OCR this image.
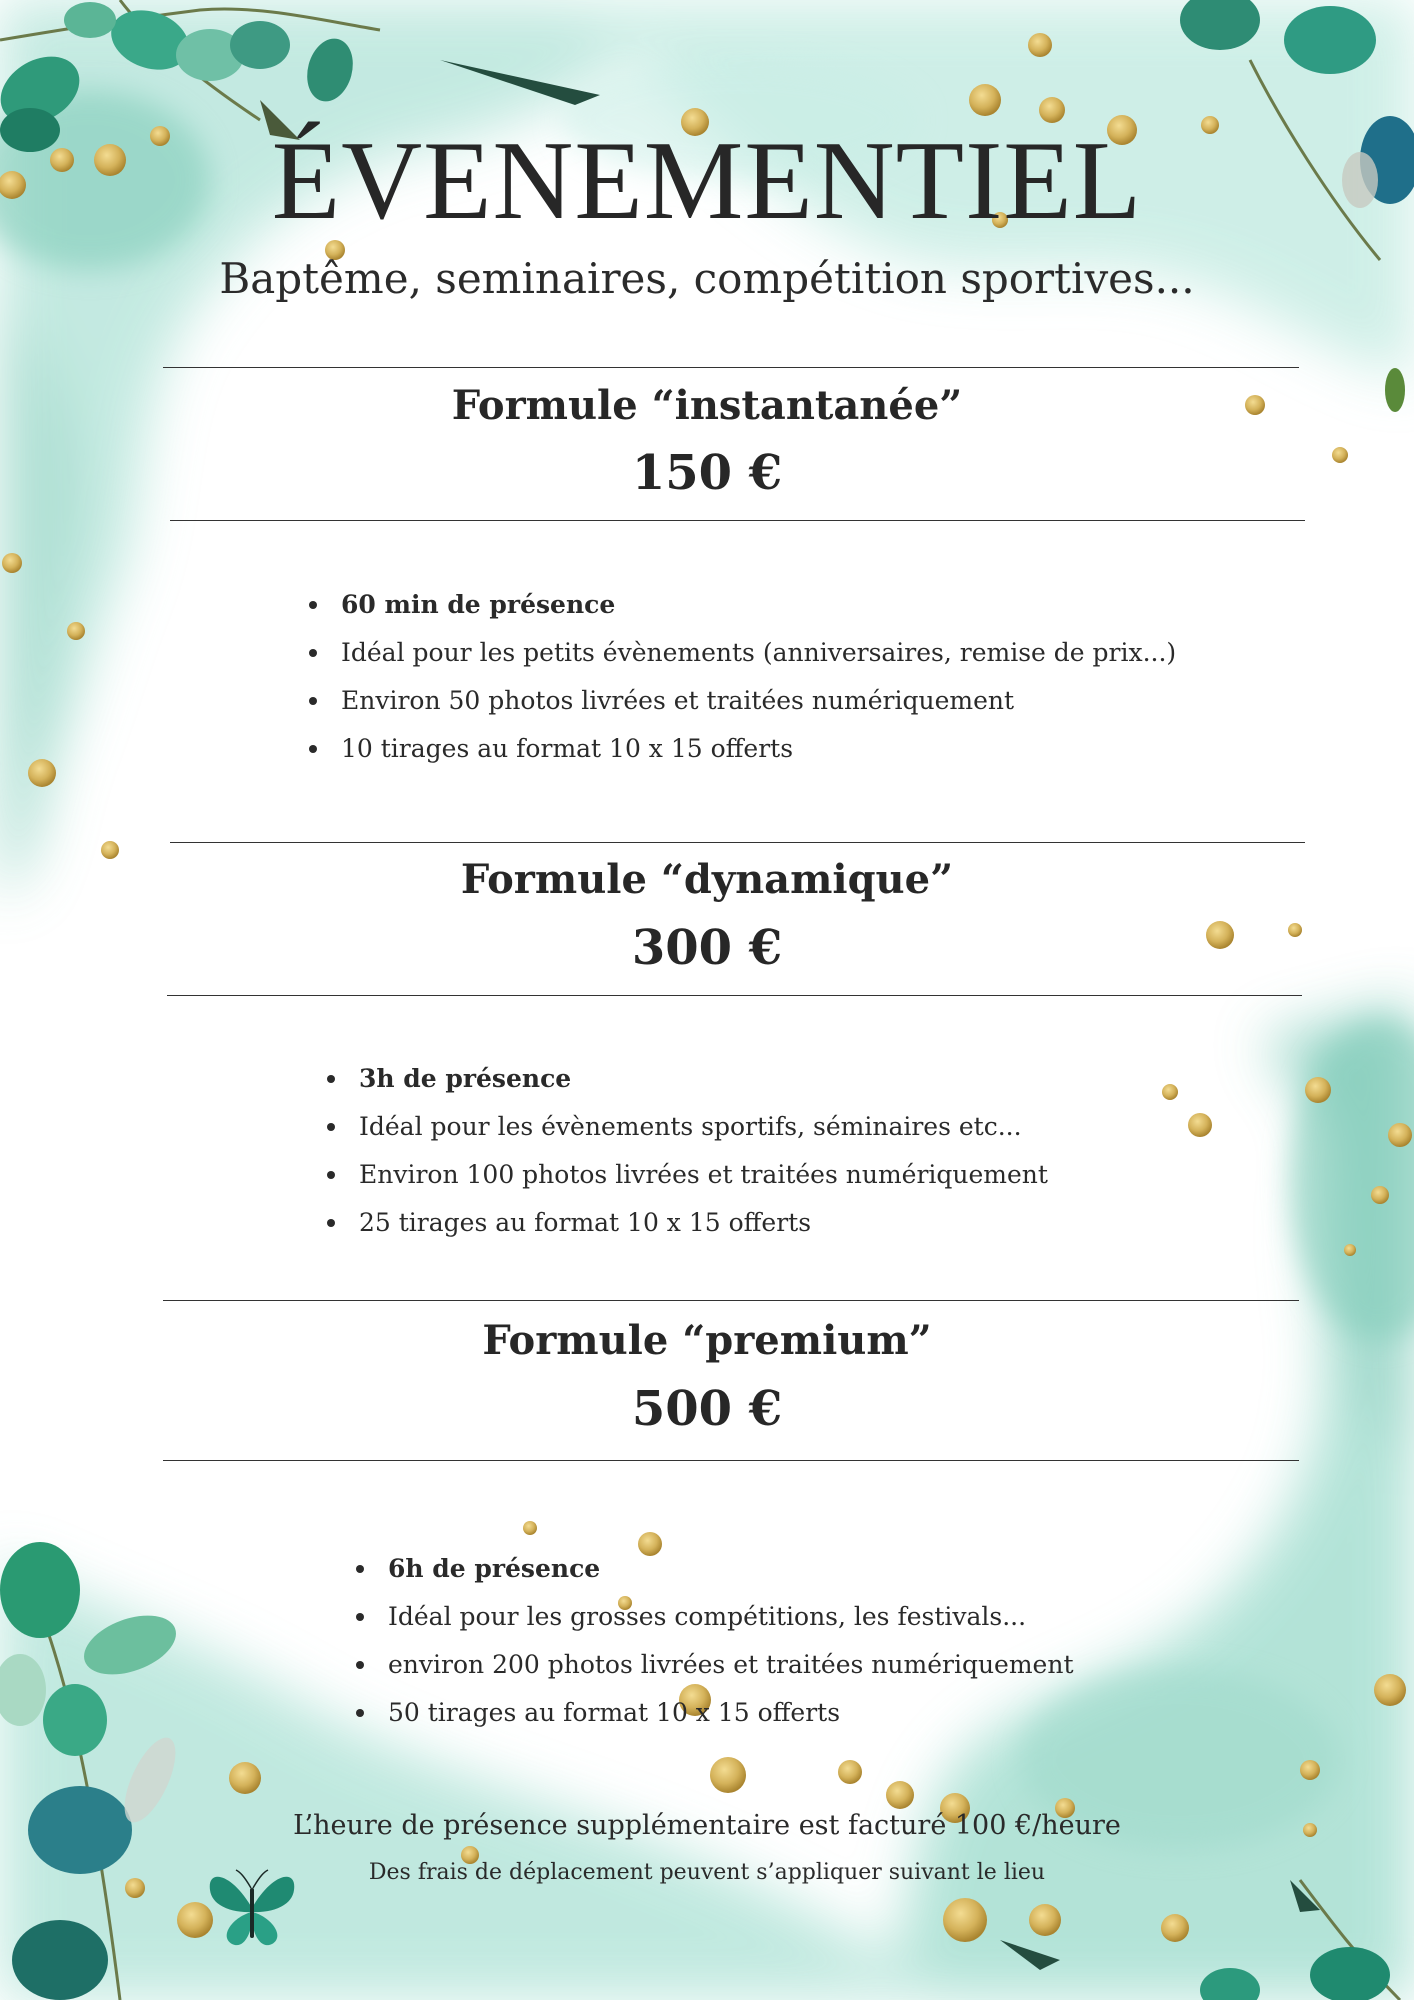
ÉVENEMENTIEL

Baptême, seminaires, compétition sportives...

Formule “instantanée”
150 €
60 min de présence
Idéal pour les petits évènements (anniversaires, remise de prix...)
Environ 50 photos livrées et traitées numériquement
10 tirages au format 10 x 15 offerts
Formule “dynamique”
300 €
3h de présence
Idéal pour les évènements sportifs, séminaires etc...
Environ 100 photos livrées et traitées numériquement
25 tirages au format 10 x 15 offerts
Formule “premium”
500 €
6h de présence
Idéal pour les grosses compétitions, les festivals...
environ 200 photos livrées et traitées numériquement
50 tirages au format 10 x 15 offerts

L’heure de présence supplémentaire est facturé 100 €/heure

Des frais de déplacement peuvent s’appliquer suivant le lieu
